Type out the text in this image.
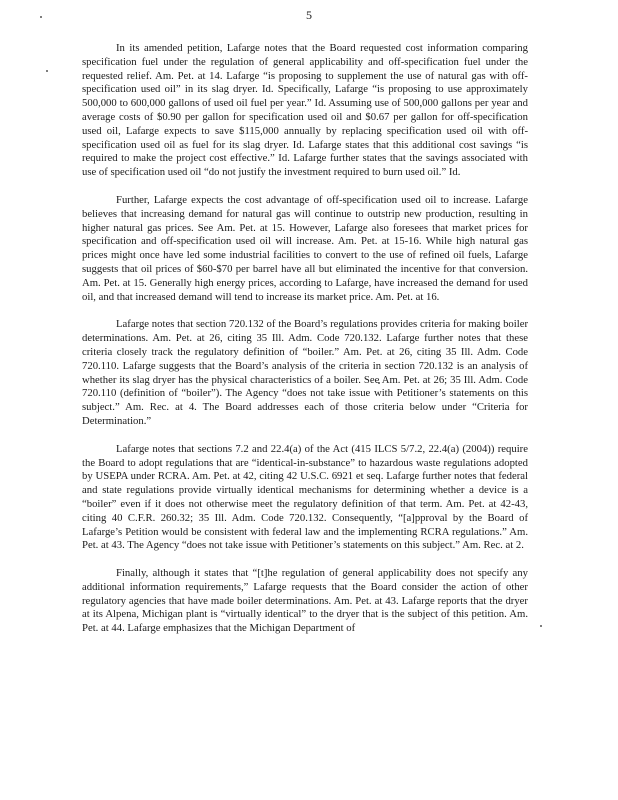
5

In its amended petition, Lafarge notes that the Board requested cost information comparing specification fuel under the regulation of general applicability and off-specification fuel under the requested relief. Am. Pet. at 14. Lafarge “is proposing to supplement the use of natural gas with off-specification used oil” in its slag dryer. Id. Specifically, Lafarge “is proposing to use approximately 500,000 to 600,000 gallons of used oil fuel per year.” Id. Assuming use of 500,000 gallons per year and average costs of $0.90 per gallon for specification used oil and $0.67 per gallon for off-specification used oil, Lafarge expects to save $115,000 annually by replacing specification used oil with off-specification used oil as fuel for its slag dryer. Id. Lafarge states that this additional cost savings “is required to make the project cost effective.” Id. Lafarge further states that the savings associated with use of specification used oil “do not justify the investment required to burn used oil.” Id.

Further, Lafarge expects the cost advantage of off-specification used oil to increase. Lafarge believes that increasing demand for natural gas will continue to outstrip new production, resulting in higher natural gas prices. See Am. Pet. at 15. However, Lafarge also foresees that market prices for specification and off-specification used oil will increase. Am. Pet. at 15-16. While high natural gas prices might once have led some industrial facilities to convert to the use of refined oil fuels, Lafarge suggests that oil prices of $60-$70 per barrel have all but eliminated the incentive for that conversion. Am. Pet. at 15. Generally high energy prices, according to Lafarge, have increased the demand for used oil, and that increased demand will tend to increase its market price. Am. Pet. at 16.

Lafarge notes that section 720.132 of the Board’s regulations provides criteria for making boiler determinations. Am. Pet. at 26, citing 35 Ill. Adm. Code 720.132. Lafarge further notes that these criteria closely track the regulatory definition of “boiler.” Am. Pet. at 26, citing 35 Ill. Adm. Code 720.110. Lafarge suggests that the Board’s analysis of the criteria in section 720.132 is an analysis of whether its slag dryer has the physical characteristics of a boiler. See Am. Pet. at 26; 35 Ill. Adm. Code 720.110 (definition of “boiler”). The Agency “does not take issue with Petitioner’s statements on this subject.” Am. Rec. at 4. The Board addresses each of those criteria below under “Criteria for Determination.”

Lafarge notes that sections 7.2 and 22.4(a) of the Act (415 ILCS 5/7.2, 22.4(a) (2004)) require the Board to adopt regulations that are “identical-in-substance” to hazardous waste regulations adopted by USEPA under RCRA. Am. Pet. at 42, citing 42 U.S.C. 6921 et seq. Lafarge further notes that federal and state regulations provide virtually identical mechanisms for determining whether a device is a “boiler” even if it does not otherwise meet the regulatory definition of that term. Am. Pet. at 42-43, citing 40 C.F.R. 260.32; 35 Ill. Adm. Code 720.132. Consequently, “[a]pproval by the Board of Lafarge’s Petition would be consistent with federal law and the implementing RCRA regulations.” Am. Pet. at 43. The Agency “does not take issue with Petitioner’s statements on this subject.” Am. Rec. at 2.

Finally, although it states that “[t]he regulation of general applicability does not specify any additional information requirements,” Lafarge requests that the Board consider the action of other regulatory agencies that have made boiler determinations. Am. Pet. at 43. Lafarge reports that the dryer at its Alpena, Michigan plant is “virtually identical” to the dryer that is the subject of this petition. Am. Pet. at 44. Lafarge emphasizes that the Michigan Department of
